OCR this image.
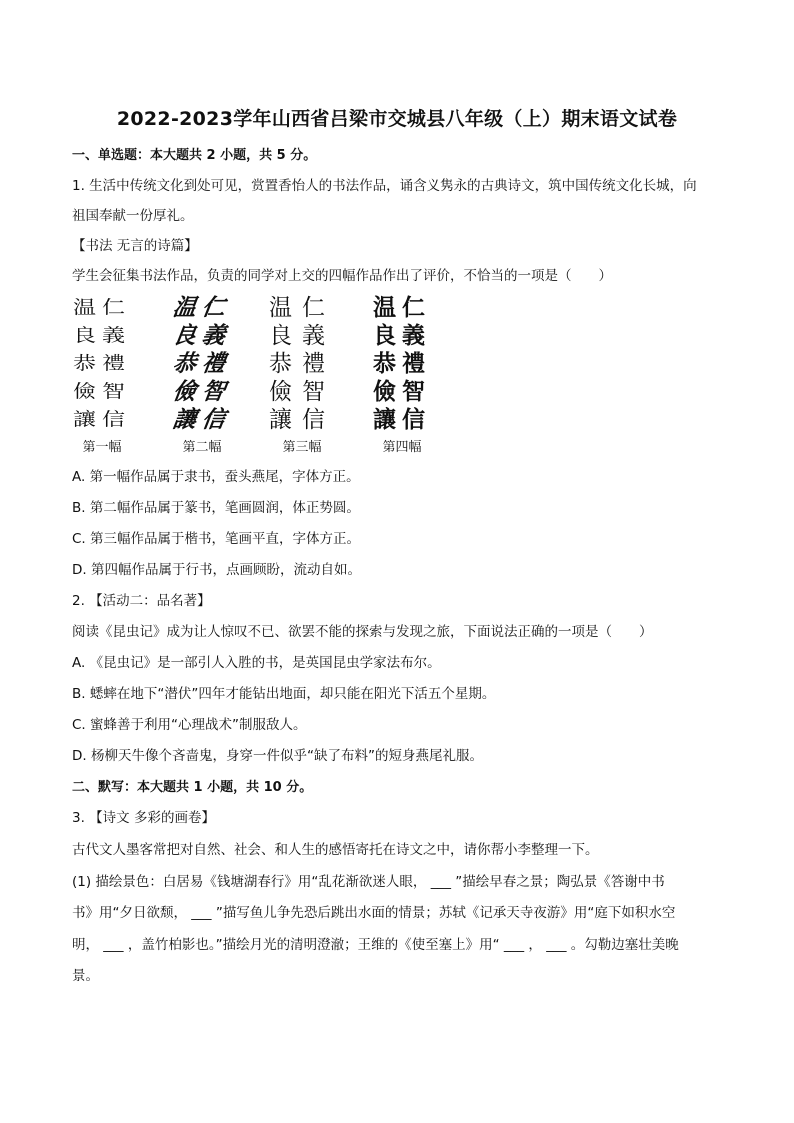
2022-2023学年山西省吕梁市交城县八年级（上）期末语文试卷
一、单选题：本大题共 2 小题，共 5 分。
1. 生活中传统文化到处可见，赏置香怡人的书法作品，诵含义隽永的古典诗文，筑中国传统文化长城，向
祖国奉献一份厚礼。
【书法 无言的诗篇】
学生会征集书法作品，负责的同学对上交的四幅作品作出了评价，不恰当的一项是（　　）
温仁
良義
恭禮
儉智
讓信
第一幅
温仁
良義
恭禮
儉智
讓信
第二幅
温仁
良義
恭禮
儉智
讓信
第三幅
温仁
良義
恭禮
儉智
讓信
第四幅
A. 第一幅作品属于隶书，蚕头燕尾，字体方正。
B. 第二幅作品属于篆书，笔画圆润，体正势圆。
C. 第三幅作品属于楷书，笔画平直，字体方正。
D. 第四幅作品属于行书，点画顾盼，流动自如。
2. 【活动二：品名著】
阅读《昆虫记》成为让人惊叹不已、欲罢不能的探索与发现之旅，下面说法正确的一项是（　　）
A. 《昆虫记》是一部引人入胜的书，是英国昆虫学家法布尔。
B. 蟋蟀在地下“潜伏”四年才能钻出地面，却只能在阳光下活五个星期。
C. 蜜蜂善于利用“心理战术”制服敌人。
D. 杨柳天牛像个吝啬鬼，身穿一件似乎“缺了布料”的短身燕尾礼服。
二、默写：本大题共 1 小题，共 10 分。
3. 【诗文 多彩的画卷】
古代文人墨客常把对自然、社会、和人生的感悟寄托在诗文之中，请你帮小李整理一下。
(1) 描绘景色：白居易《钱塘湖春行》用“乱花渐欲迷人眼， ___ ”描绘早春之景；陶弘景《答谢中书
书》用“夕日欲颓， ___ ”描写鱼儿争先恐后跳出水面的情景；苏轼《记承天寺夜游》用“庭下如积水空
明， ___ ，盖竹柏影也。”描绘月光的清明澄澈；王维的《使至塞上》用“ ___ ， ___ 。勾勒边塞壮美晚
景。
